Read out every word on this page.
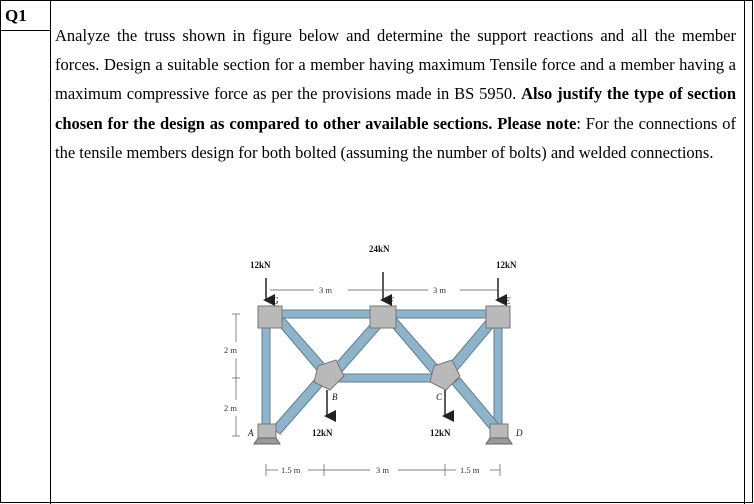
Q1
Analyze the truss shown in figure below and determine the support reactions and all the member forces. Design a suitable section for a member having maximum Tensile force and a member having a maximum compressive force as per the provisions made in BS 5950. Also justify the type of section chosen for the design as compared to other available sections. Please note: For the connections of the tensile members design for both bolted (assuming the number of bolts) and welded connections.
12kN
24kN
12kN
12kN	12kN
G	F	E
B	C
A	D
3 m	3 m
2 m
2 m
1.5 m	3 m	1.5 m
